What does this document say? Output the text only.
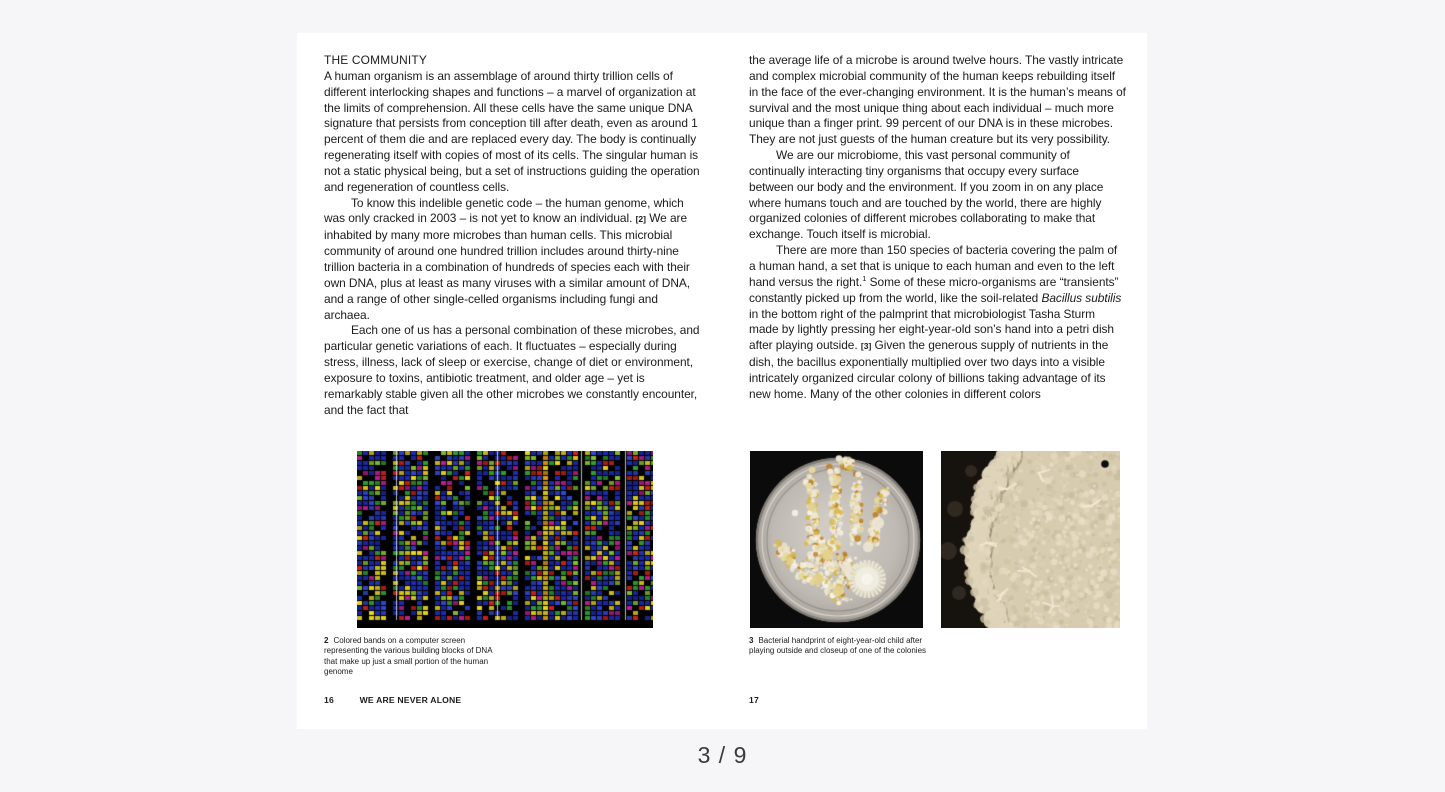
THE COMMUNITY

A human organism is an assemblage of around thirty trillion cells of different interlocking shapes and functions – a marvel of organization at the limits of comprehension. All these cells have the same unique DNA signature that persists from conception till after death, even as around 1 percent of them die and are replaced every day. The body is continually regenerating itself with copies of most of its cells. The singular human is not a static physical being, but a set of instructions guiding the operation and regeneration of countless cells.

To know this indelible genetic code – the human genome, which was only cracked in 2003 – is not yet to know an individual. [2] We are inhabited by many more microbes than human cells. This microbial community of around one hundred trillion includes around thirty-nine trillion bacteria in a combination of hundreds of species each with their own DNA, plus at least as many viruses with a similar amount of DNA, and a range of other single-celled organisms including fungi and archaea.

Each one of us has a personal combination of these microbes, and particular genetic variations of each. It fluctuates – especially during stress, illness, lack of sleep or exercise, change of diet or environment, exposure to toxins, antibiotic treatment, and older age – yet is remarkably stable given all the other microbes we constantly encounter, and the fact that

2 Colored bands on a computer screen representing the various building blocks of DNA that make up just a small portion of the human genome
16	WE ARE NEVER ALONE

the average life of a microbe is around twelve hours. The vastly intricate and complex microbial community of the human keeps rebuilding itself in the face of the ever-changing environment. It is the human’s means of survival and the most unique thing about each individual – much more unique than a finger print. 99 percent of our DNA is in these microbes. They are not just guests of the human creature but its very possibility.

We are our microbiome, this vast personal community of continually interacting tiny organisms that occupy every surface between our body and the environment. If you zoom in on any place where humans touch and are touched by the world, there are highly organized colonies of different microbes collaborating to make that exchange. Touch itself is microbial.

There are more than 150 species of bacteria covering the palm of a human hand, a set that is unique to each human and even to the left hand versus the right.$^1$ Some of these micro-organisms are “transients” constantly picked up from the world, like the soil-related Bacillus subtilis in the bottom right of the palmprint that microbiologist Tasha Sturm made by lightly pressing her eight-year-old son’s hand into a petri dish after playing outside. [3] Given the generous supply of nutrients in the dish, the bacillus exponentially multiplied over two days into a visible intricately organized circular colony of billions taking advantage of its new home. Many of the other colonies in different colors

3 Bacterial handprint of eight-year-old child after playing outside and closeup of one of the colonies
17
3 / 9
